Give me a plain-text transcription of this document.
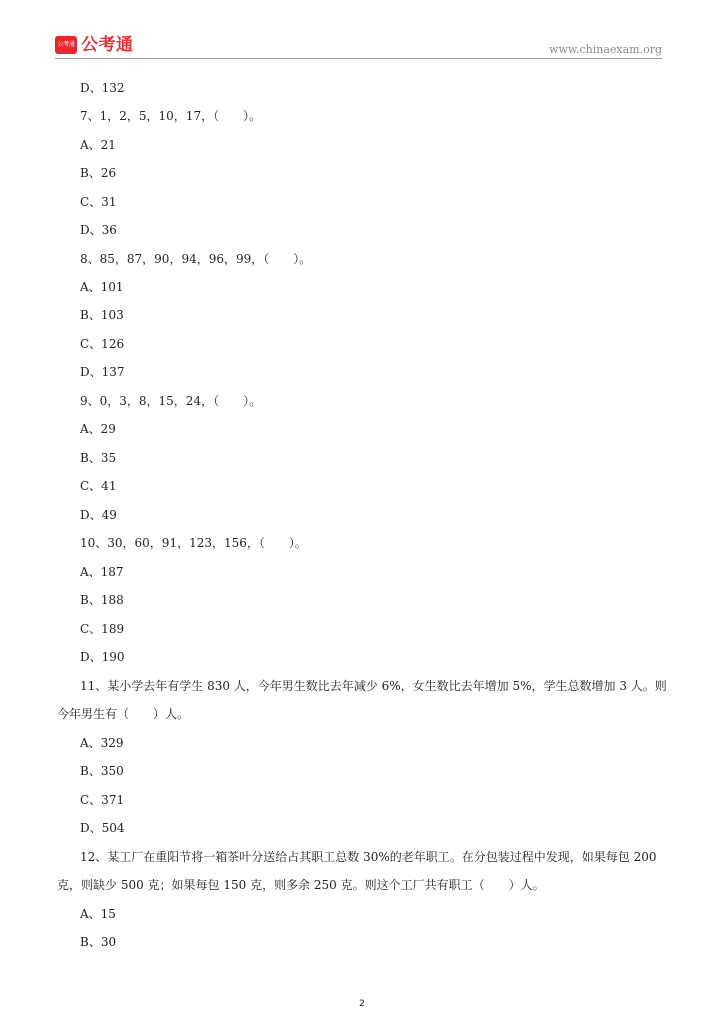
公考通 公考通	www.chinaexam.org
D、132
7、1，2，5，10，17，（　　）。
A、21
B、26
C、31
D、36
8、85，87，90，94，96，99，（　　）。
A、101
B、103
C、126
D、137
9、0，3，8，15，24，（　　）。
A、29
B、35
C、41
D、49
10、30，60，91，123，156，（　　）。
A、187
B、188
C、189
D、190
11、某小学去年有学生 830 人，今年男生数比去年减少 6%，女生数比去年增加 5%，学生总数增加 3 人。则
今年男生有（　　）人。
A、329
B、350
C、371
D、504
12、某工厂在重阳节将一箱茶叶分送给占其职工总数 30%的老年职工。在分包装过程中发现，如果每包 200
克，则缺少 500 克；如果每包 150 克，则多余 250 克。则这个工厂共有职工（　　）人。
A、15
B、30
2
